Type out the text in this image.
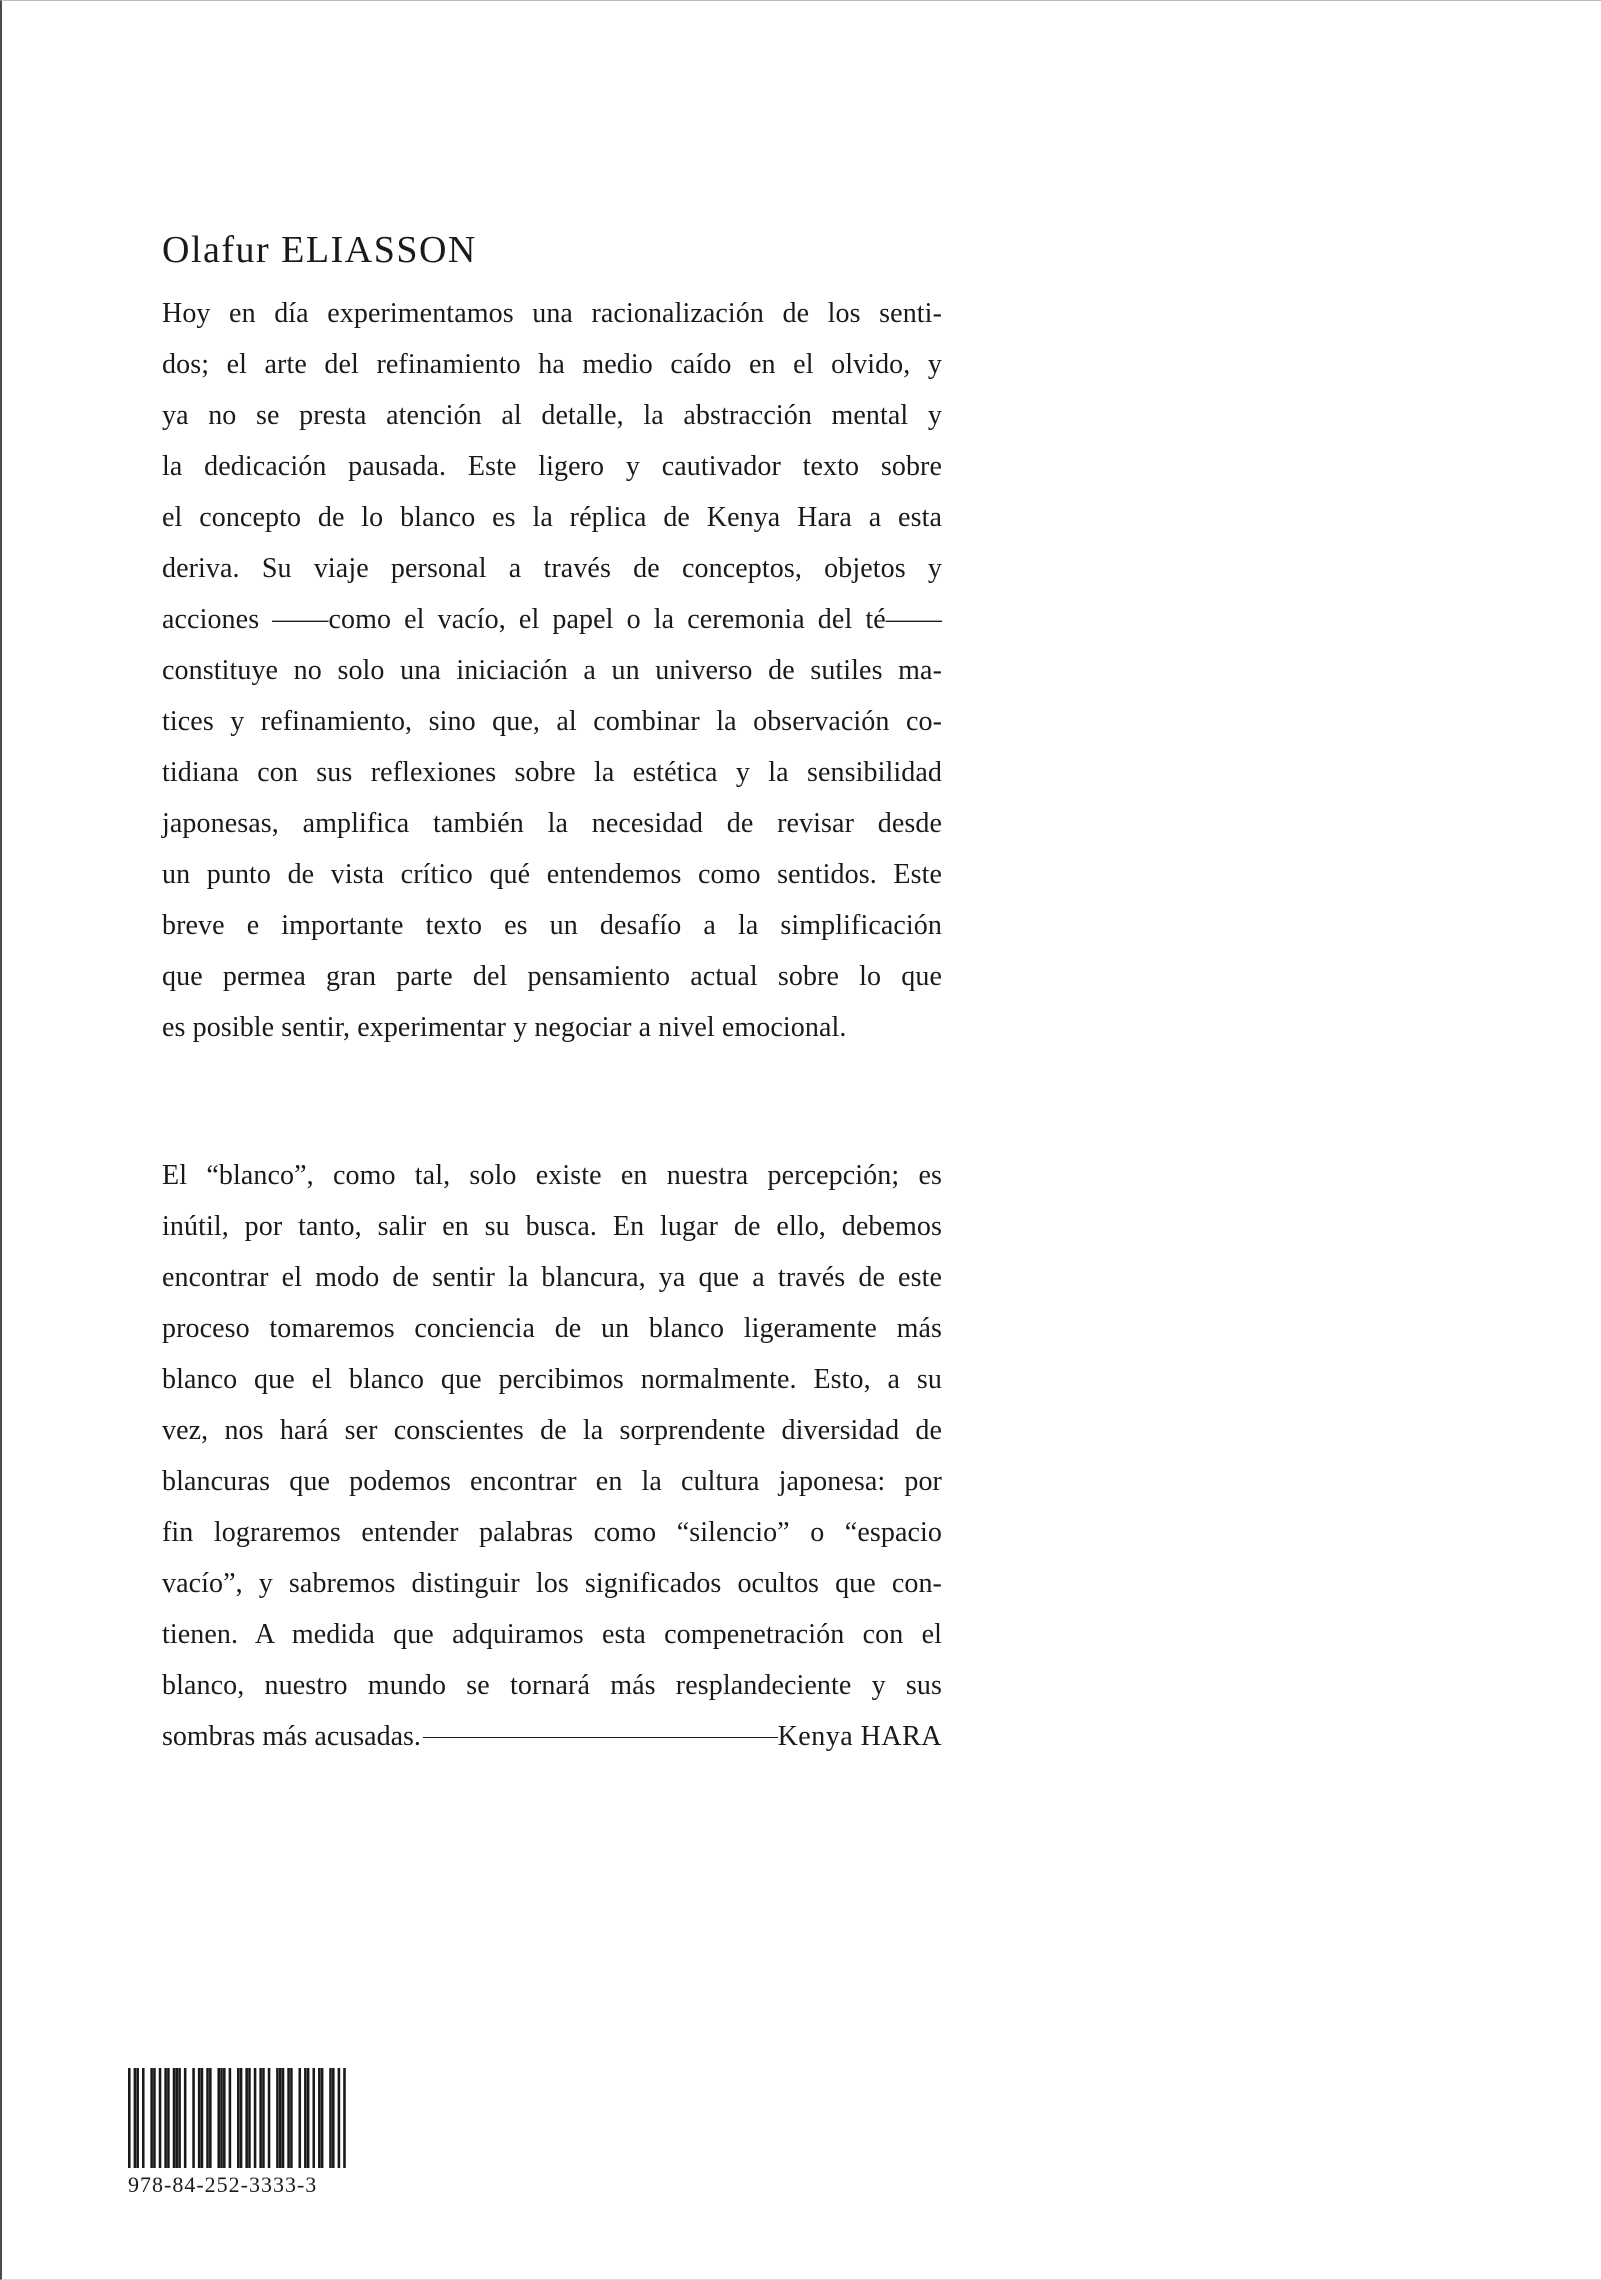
Olafur ELIASSON
Hoy en día experimentamos una racionalización de los senti-
dos; el arte del refinamiento ha medio caído en el olvido, y
ya no se presta atención al detalle, la abstracción mental y
la dedicación pausada. Este ligero y cautivador texto sobre
el concepto de lo blanco es la réplica de Kenya Hara a esta
deriva. Su viaje personal a través de conceptos, objetos y
acciones ——como el vacío, el papel o la ceremonia del té——
constituye no solo una iniciación a un universo de sutiles ma-
tices y refinamiento, sino que, al combinar la observación co-
tidiana con sus reflexiones sobre la estética y la sensibilidad
japonesas, amplifica también la necesidad de revisar desde
un punto de vista crítico qué entendemos como sentidos. Este
breve e importante texto es un desafío a la simplificación
que permea gran parte del pensamiento actual sobre lo que
es posible sentir, experimentar y negociar a nivel emocional.
El “blanco”, como tal, solo existe en nuestra percepción; es
inútil, por tanto, salir en su busca. En lugar de ello, debemos
encontrar el modo de sentir la blancura, ya que a través de este
proceso tomaremos conciencia de un blanco ligeramente más
blanco que el blanco que percibimos normalmente. Esto, a su
vez, nos hará ser conscientes de la sorprendente diversidad de
blancuras que podemos encontrar en la cultura japonesa: por
fin lograremos entender palabras como “silencio” o “espacio
vacío”, y sabremos distinguir los significados ocultos que con-
tienen. A medida que adquiramos esta compenetración con el
blanco, nuestro mundo se tornará más resplandeciente y sus
sombras más acusadas.	Kenya HARA

978-84-252-3333-3
